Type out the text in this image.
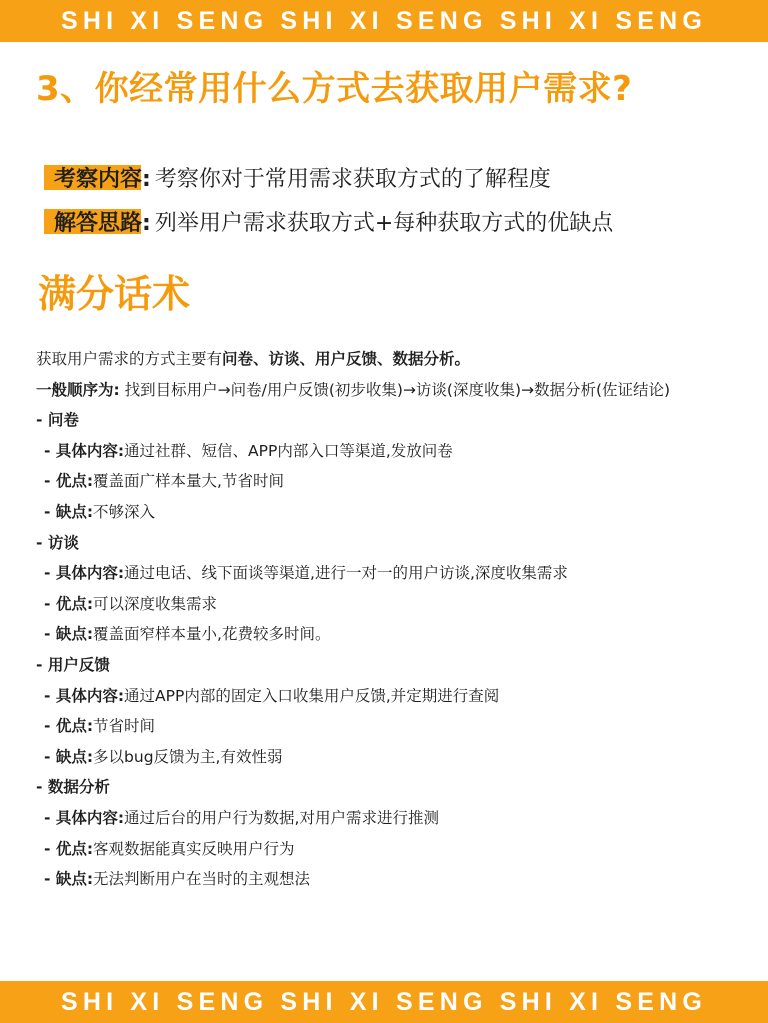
SHI XI SENG SHI XI SENG SHI XI SENG
3、你经常用什么方式去获取用户需求?
考察内容: 考察你对于常用需求获取方式的了解程度
解答思路: 列举用户需求获取方式+每种获取方式的优缺点
满分话术
获取用户需求的方式主要有问卷、访谈、用户反馈、数据分析。
一般顺序为: 找到目标用户→问卷/用户反馈(初步收集)→访谈(深度收集)→数据分析(佐证结论)
- 问卷
- 具体内容:通过社群、短信、APP内部入口等渠道,发放问卷
- 优点:覆盖面广样本量大,节省时间
- 缺点:不够深入
- 访谈
- 具体内容:通过电话、线下面谈等渠道,进行一对一的用户访谈,深度收集需求
- 优点:可以深度收集需求
- 缺点:覆盖面窄样本量小,花费较多时间。
- 用户反馈
- 具体内容:通过APP内部的固定入口收集用户反馈,并定期进行查阅
- 优点:节省时间
- 缺点:多以bug反馈为主,有效性弱
- 数据分析
- 具体内容:通过后台的用户行为数据,对用户需求进行推测
- 优点:客观数据能真实反映用户行为
- 缺点:无法判断用户在当时的主观想法
SHI XI SENG SHI XI SENG SHI XI SENG
